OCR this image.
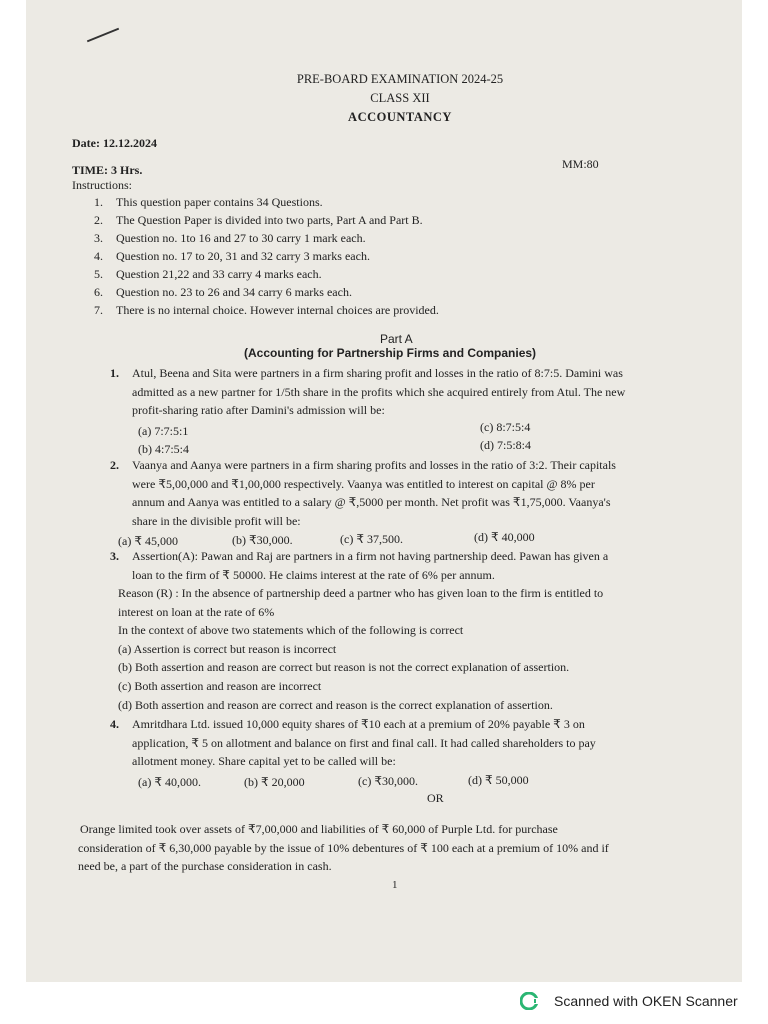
PRE-BOARD EXAMINATION 2024-25
CLASS XII
ACCOUNTANCY
Date: 12.12.2024
TIME: 3 Hrs.	MM:80
Instructions:
1. This question paper contains 34 Questions.
2. The Question Paper is divided into two parts, Part A and Part B.
3. Question no. 1to 16 and 27 to 30 carry 1 mark each.
4. Question no. 17 to 20, 31 and 32 carry 3 marks each.
5. Question 21,22 and 33 carry 4 marks each.
6. Question no. 23 to 26 and 34 carry 6 marks each.
7. There is no internal choice. However internal choices are provided.
Part A
(Accounting for Partnership Firms and Companies)
1. Atul, Beena and Sita were partners in a firm sharing profit and losses in the ratio of 8:7:5. Damini was
admitted as a new partner for 1/5th share in the profits which she acquired entirely from Atul. The new
profit-sharing ratio after Damini's admission will be:
(a) 7:7:5:1
(b) 4:7:5:4
(c) 8:7:5:4
(d) 7:5:8:4
2. Vaanya and Aanya were partners in a firm sharing profits and losses in the ratio of 3:2. Their capitals
were ₹5,00,000 and ₹1,00,000 respectively. Vaanya was entitled to interest on capital @ 8% per
annum and Aanya was entitled to a salary @ ₹,5000 per month. Net profit was ₹1,75,000. Vaanya's
share in the divisible profit will be:
(a) ₹ 45,000	(b) ₹30,000.	(c) ₹ 37,500.	(d) ₹ 40,000
3. Assertion(A): Pawan and Raj are partners in a firm not having partnership deed. Pawan has given a
loan to the firm of ₹ 50000. He claims interest at the rate of 6% per annum.
Reason (R) : In the absence of partnership deed a partner who has given loan to the firm is entitled to
interest on loan at the rate of 6%
In the context of above two statements which of the following is correct
(a) Assertion is correct but reason is incorrect
(b) Both assertion and reason are correct but reason is not the correct explanation of assertion.
(c) Both assertion and reason are incorrect
(d) Both assertion and reason are correct and reason is the correct explanation of assertion.
4. Amritdhara Ltd. issued 10,000 equity shares of ₹10 each at a premium of 20% payable ₹ 3 on
application, ₹ 5 on allotment and balance on first and final call. It had called shareholders to pay
allotment money. Share capital yet to be called will be:
(a) ₹ 40,000.	(b) ₹ 20,000	(c) ₹30,000.	(d) ₹ 50,000
OR
Orange limited took over assets of ₹7,00,000 and liabilities of ₹ 60,000 of Purple Ltd. for purchase
consideration of ₹ 6,30,000 payable by the issue of 10% debentures of ₹ 100 each at a premium of 10% and if
need be, a part of the purchase consideration in cash.
1
Scanned with OKEN Scanner
